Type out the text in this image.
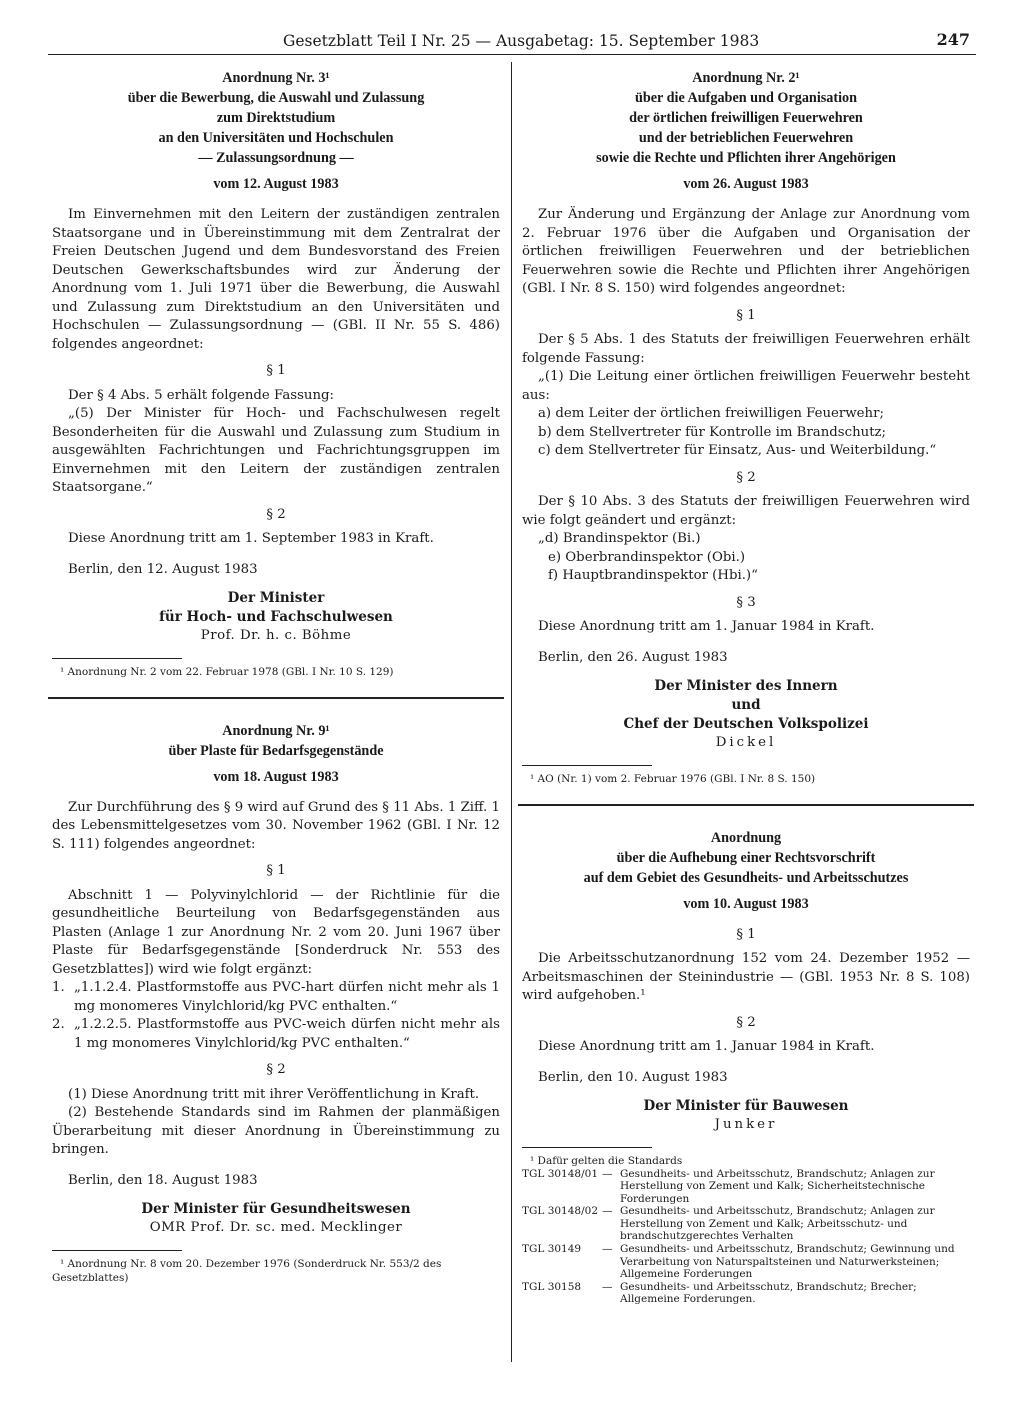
Gesetzblatt Teil I Nr. 25 — Ausgabetag: 15. September 1983	247
Anordnung Nr. 3¹
über die Bewerbung, die Auswahl und Zulassung
zum Direktstudium
an den Universitäten und Hochschulen
— Zulassungsordnung —
vom 12. August 1983

Im Einvernehmen mit den Leitern der zuständigen zentralen Staatsorgane und in Übereinstimmung mit dem Zentralrat der Freien Deutschen Jugend und dem Bundesvorstand des Freien Deutschen Gewerkschaftsbundes wird zur Änderung der Anordnung vom 1. Juli 1971 über die Bewerbung, die Auswahl und Zulassung zum Direktstudium an den Universitäten und Hochschulen — Zulassungsordnung — (GBl. II Nr. 55 S. 486) folgendes angeordnet:

§ 1

Der § 4 Abs. 5 erhält folgende Fassung:

„(5) Der Minister für Hoch- und Fachschulwesen regelt Besonderheiten für die Auswahl und Zulassung zum Studium in ausgewählten Fachrichtungen und Fachrichtungsgruppen im Einvernehmen mit den Leitern der zuständigen zentralen Staatsorgane.“

§ 2

Diese Anordnung tritt am 1. September 1983 in Kraft.

Berlin, den 12. August 1983

Der Minister
für Hoch- und Fachschulwesen
Prof. Dr. h. c. Böhme
¹ Anordnung Nr. 2 vom 22. Februar 1978 (GBl. I Nr. 10 S. 129)
Anordnung Nr. 9¹
über Plaste für Bedarfsgegenstände
vom 18. August 1983

Zur Durchführung des § 9 wird auf Grund des § 11 Abs. 1 Ziff. 1 des Lebensmittelgesetzes vom 30. November 1962 (GBl. I Nr. 12 S. 111) folgendes angeordnet:

§ 1

Abschnitt 1 — Polyvinylchlorid — der Richtlinie für die gesundheitliche Beurteilung von Bedarfsgegenständen aus Plasten (Anlage 1 zur Anordnung Nr. 2 vom 20. Juni 1967 über Plaste für Bedarfsgegenstände [Sonderdruck Nr. 553 des Gesetzblattes]) wird wie folgt ergänzt:

1. „1.1.2.4. Plastformstoffe aus PVC-hart dürfen nicht mehr als 1 mg monomeres Vinylchlorid/kg PVC enthalten.“
2. „1.2.2.5. Plastformstoffe aus PVC-weich dürfen nicht mehr als 1 mg monomeres Vinylchlorid/kg PVC enthalten.“
§ 2

(1) Diese Anordnung tritt mit ihrer Veröffentlichung in Kraft.

(2) Bestehende Standards sind im Rahmen der planmäßigen Überarbeitung mit dieser Anordnung in Übereinstimmung zu bringen.

Berlin, den 18. August 1983

Der Minister für Gesundheitswesen
OMR Prof. Dr. sc. med. Mecklinger
¹ Anordnung Nr. 8 vom 20. Dezember 1976 (Sonderdruck Nr. 553/2 des Gesetzblattes)
Anordnung Nr. 2¹
über die Aufgaben und Organisation
der örtlichen freiwilligen Feuerwehren
und der betrieblichen Feuerwehren
sowie die Rechte und Pflichten ihrer Angehörigen
vom 26. August 1983

Zur Änderung und Ergänzung der Anlage zur Anordnung vom 2. Februar 1976 über die Aufgaben und Organisation der örtlichen freiwilligen Feuerwehren und der betrieblichen Feuerwehren sowie die Rechte und Pflichten ihrer Angehörigen (GBl. I Nr. 8 S. 150) wird folgendes angeordnet:

§ 1

Der § 5 Abs. 1 des Statuts der freiwilligen Feuerwehren erhält folgende Fassung:

„(1) Die Leitung einer örtlichen freiwilligen Feuerwehr besteht aus:

a) dem Leiter der örtlichen freiwilligen Feuerwehr;

b) dem Stellvertreter für Kontrolle im Brandschutz;

c) dem Stellvertreter für Einsatz, Aus- und Weiterbildung.“

§ 2

Der § 10 Abs. 3 des Statuts der freiwilligen Feuerwehren wird wie folgt geändert und ergänzt:

„d) Brandinspektor (Bi.)

e) Oberbrandinspektor (Obi.)

f) Hauptbrandinspektor (Hbi.)“

§ 3

Diese Anordnung tritt am 1. Januar 1984 in Kraft.

Berlin, den 26. August 1983

Der Minister des Innern
und
Chef der Deutschen Volkspolizei
Dickel
¹ AO (Nr. 1) vom 2. Februar 1976 (GBl. I Nr. 8 S. 150)
Anordnung
über die Aufhebung einer Rechtsvorschrift
auf dem Gebiet des Gesundheits- und Arbeitsschutzes
vom 10. August 1983
§ 1

Die Arbeitsschutzanordnung 152 vom 24. Dezember 1952 — Arbeitsmaschinen der Steinindustrie — (GBl. 1953 Nr. 8 S. 108) wird aufgehoben.¹

§ 2

Diese Anordnung tritt am 1. Januar 1984 in Kraft.

Berlin, den 10. August 1983

Der Minister für Bauwesen
Junker
¹ Dafür gelten die Standards
TGL 30148/01 — Gesundheits- und Arbeitsschutz, Brandschutz; Anlagen zur Herstellung von Zement und Kalk; Sicherheitstechnische Forderungen
TGL 30148/02 — Gesundheits- und Arbeitsschutz, Brandschutz; Anlagen zur Herstellung von Zement und Kalk; Arbeitsschutz- und brandschutzgerechtes Verhalten
TGL 30149	— Gesundheits- und Arbeitsschutz, Brandschutz; Gewinnung und Verarbeitung von Naturspaltsteinen und Naturwerksteinen; Allgemeine Forderungen
TGL 30158	— Gesundheits- und Arbeitsschutz, Brandschutz; Brecher; Allgemeine Forderungen.
